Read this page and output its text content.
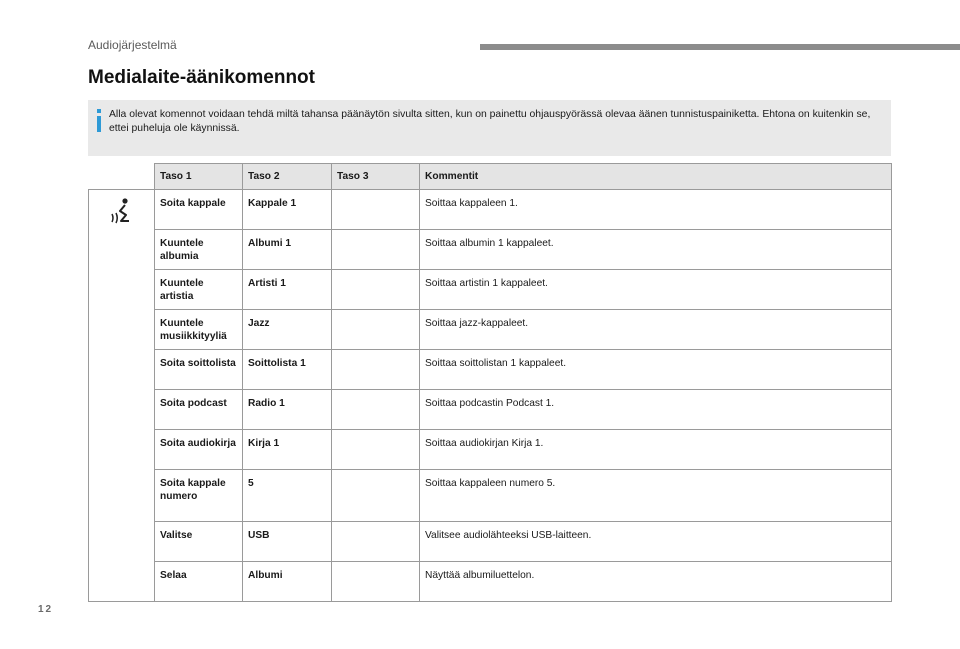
Audiojärjestelmä
Medialaite-äänikomennot
Alla olevat komennot voidaan tehdä miltä tahansa päänäytön sivulta sitten, kun on painettu ohjauspyörässä olevaa äänen tunnistuspainiketta. Ehtona on kuitenkin se, ettei puheluja ole käynnissä.
	Taso 1	Taso 2	Taso 3	Kommentit
	Soita kappale	Kappale 1		Soittaa kappaleen 1.
	Kuuntele albumia	Albumi 1		Soittaa albumin 1 kappaleet.
	Kuuntele artistia	Artisti 1		Soittaa artistin 1 kappaleet.
	Kuuntele musiikkityyliä	Jazz		Soittaa jazz-kappaleet.
	Soita soittolista	Soittolista 1		Soittaa soittolistan 1 kappaleet.
	Soita podcast	Radio 1		Soittaa podcastin Podcast 1.
	Soita audiokirja	Kirja 1		Soittaa audiokirjan Kirja 1.
	Soita kappale numero	5		Soittaa kappaleen numero 5.
	Valitse	USB		Valitsee audiolähteeksi USB-laitteen.
	Selaa	Albumi		Näyttää albumiluettelon.
12
